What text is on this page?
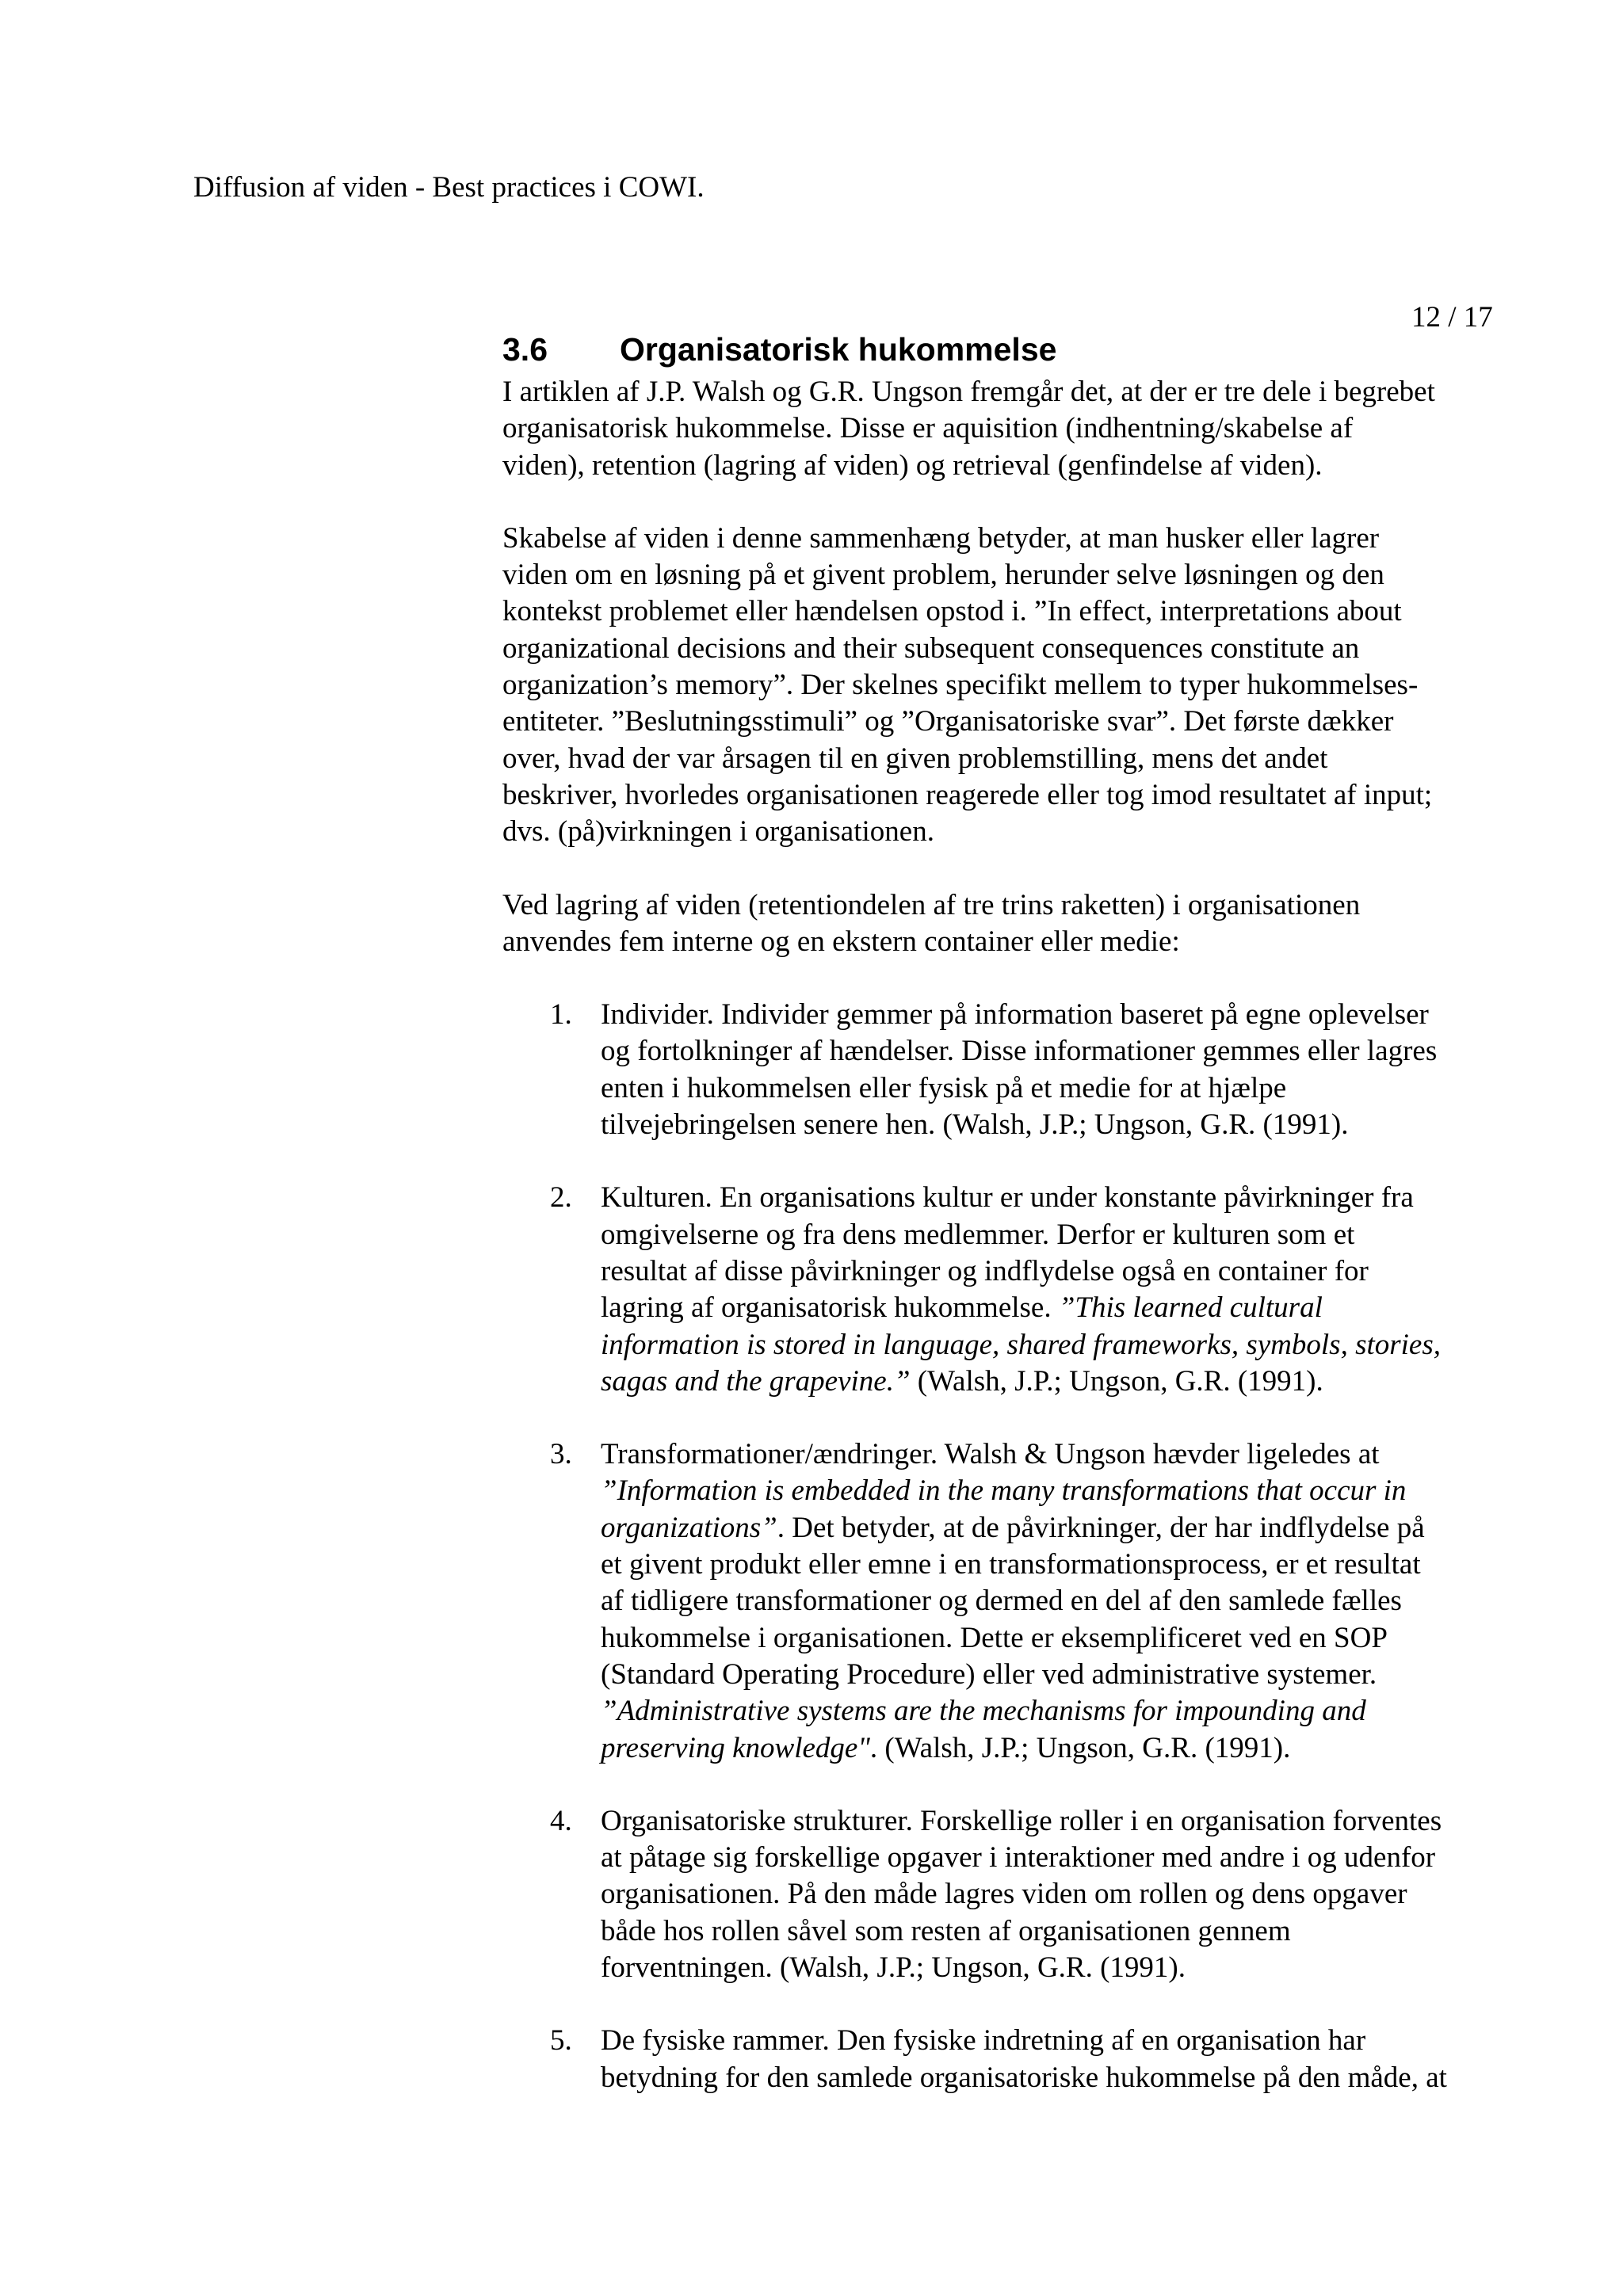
Diffusion af viden - Best practices i COWI.
12 / 17
3.6 Organisatorisk hukommelse

I artiklen af J.P. Walsh og G.R. Ungson fremgår det, at der er tre dele i begrebet
organisatorisk hukommelse. Disse er aquisition (indhentning/skabelse af
viden), retention (lagring af viden) og retrieval (genfindelse af viden).

Skabelse af viden i denne sammenhæng betyder, at man husker eller lagrer
viden om en løsning på et givent problem, herunder selve løsningen og den
kontekst problemet eller hændelsen opstod i. ”In effect, interpretations about
organizational decisions and their subsequent consequences constitute an
organization’s memory”. Der skelnes specifikt mellem to typer hukommelses-
entiteter. ”Beslutningsstimuli” og ”Organisatoriske svar”. Det første dækker
over, hvad der var årsagen til en given problemstilling, mens det andet
beskriver, hvorledes organisationen reagerede eller tog imod resultatet af input;
dvs. (på)virkningen i organisationen.

Ved lagring af viden (retentiondelen af tre trins raketten) i organisationen
anvendes fem interne og en ekstern container eller medie:

1. Individer. Individer gemmer på information baseret på egne oplevelser
og fortolkninger af hændelser. Disse informationer gemmes eller lagres
enten i hukommelsen eller fysisk på et medie for at hjælpe
tilvejebringelsen senere hen. (Walsh, J.P.; Ungson, G.R. (1991).
2. Kulturen. En organisations kultur er under konstante påvirkninger fra
omgivelserne og fra dens medlemmer. Derfor er kulturen som et
resultat af disse påvirkninger og indflydelse også en container for
lagring af organisatorisk hukommelse. ”This learned cultural
information is stored in language, shared frameworks, symbols, stories,
sagas and the grapevine.” (Walsh, J.P.; Ungson, G.R. (1991).
3. Transformationer/ændringer. Walsh & Ungson hævder ligeledes at
”Information is embedded in the many transformations that occur in
organizations”. Det betyder, at de påvirkninger, der har indflydelse på
et givent produkt eller emne i en transformationsprocess, er et resultat
af tidligere transformationer og dermed en del af den samlede fælles
hukommelse i organisationen. Dette er eksemplificeret ved en SOP
(Standard Operating Procedure) eller ved administrative systemer.
”Administrative systems are the mechanisms for impounding and
preserving knowledge". (Walsh, J.P.; Ungson, G.R. (1991).
4. Organisatoriske strukturer. Forskellige roller i en organisation forventes
at påtage sig forskellige opgaver i interaktioner med andre i og udenfor
organisationen. På den måde lagres viden om rollen og dens opgaver
både hos rollen såvel som resten af organisationen gennem
forventningen. (Walsh, J.P.; Ungson, G.R. (1991).
5. De fysiske rammer. Den fysiske indretning af en organisation har
betydning for den samlede organisatoriske hukommelse på den måde, at
